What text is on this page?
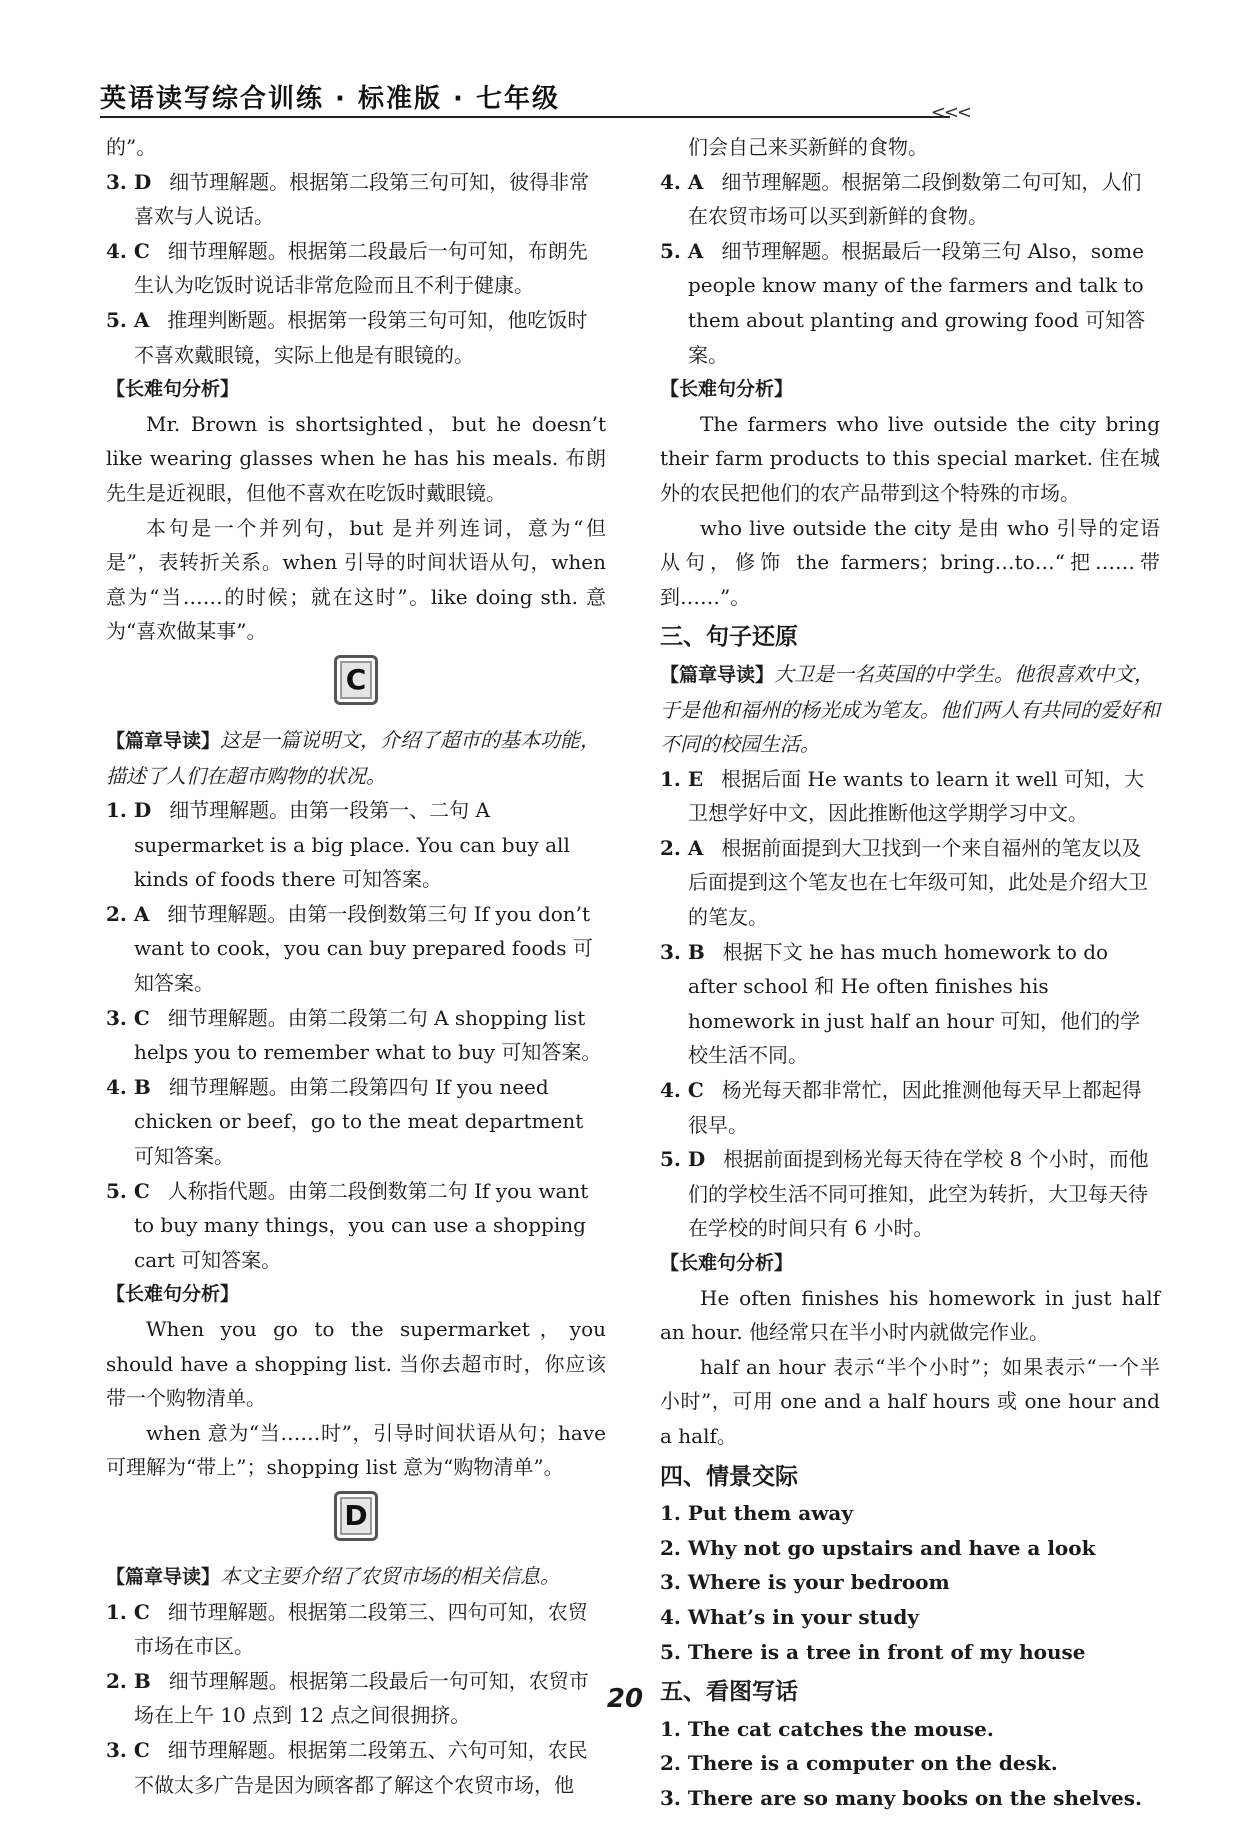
英语读写综合训练 · 标准版 · 七年级	<<<

的”。

3. D 细节理解题。根据第二段第三句可知，彼得非常喜欢与人说话。

4. C 细节理解题。根据第二段最后一句可知，布朗先生认为吃饭时说话非常危险而且不利于健康。

5. A 推理判断题。根据第一段第三句可知，他吃饭时不喜欢戴眼镜，实际上他是有眼镜的。

【长难句分析】

Mr. Brown is shortsighted，but he doesn’t like wearing glasses when he has his meals. 布朗先生是近视眼，但他不喜欢在吃饭时戴眼镜。

本句是一个并列句，but 是并列连词，意为“但是”，表转折关系。when 引导的时间状语从句，when 意为“当……的时候；就在这时”。like doing sth. 意为“喜欢做某事”。

C

【篇章导读】这是一篇说明文，介绍了超市的基本功能，描述了人们在超市购物的状况。

1. D 细节理解题。由第一段第一、二句 A supermarket is a big place. You can buy all kinds of foods there 可知答案。

2. A 细节理解题。由第一段倒数第三句 If you don’t want to cook，you can buy prepared foods 可知答案。

3. C 细节理解题。由第二段第二句 A shopping list helps you to remember what to buy 可知答案。

4. B 细节理解题。由第二段第四句 If you need chicken or beef，go to the meat department 可知答案。

5. C 人称指代题。由第二段倒数第二句 If you want to buy many things，you can use a shopping cart 可知答案。

【长难句分析】

When you go to the supermarket，you should have a shopping list. 当你去超市时，你应该带一个购物清单。

when 意为“当……时”，引导时间状语从句；have 可理解为“带上”；shopping list 意为“购物清单”。

D

【篇章导读】本文主要介绍了农贸市场的相关信息。

1. C 细节理解题。根据第二段第三、四句可知，农贸市场在市区。

2. B 细节理解题。根据第二段最后一句可知，农贸市场在上午 10 点到 12 点之间很拥挤。

3. C 细节理解题。根据第二段第五、六句可知，农民不做太多广告是因为顾客都了解这个农贸市场，他

们会自己来买新鲜的食物。

4. A 细节理解题。根据第二段倒数第二句可知，人们在农贸市场可以买到新鲜的食物。

5. A 细节理解题。根据最后一段第三句 Also，some people know many of the farmers and talk to them about planting and growing food 可知答案。

【长难句分析】

The farmers who live outside the city bring their farm products to this special market. 住在城外的农民把他们的农产品带到这个特殊的市场。

who live outside the city 是由 who 引导的定语从句，修饰 the farmers；bring…to…“把……带到……”。

三、句子还原

【篇章导读】大卫是一名英国的中学生。他很喜欢中文，于是他和福州的杨光成为笔友。他们两人有共同的爱好和不同的校园生活。

1. E 根据后面 He wants to learn it well 可知，大卫想学好中文，因此推断他这学期学习中文。

2. A 根据前面提到大卫找到一个来自福州的笔友以及后面提到这个笔友也在七年级可知，此处是介绍大卫的笔友。

3. B 根据下文 he has much homework to do after school 和 He often finishes his homework in just half an hour 可知，他们的学校生活不同。

4. C 杨光每天都非常忙，因此推测他每天早上都起得很早。

5. D 根据前面提到杨光每天待在学校 8 个小时，而他们的学校生活不同可推知，此空为转折，大卫每天待在学校的时间只有 6 小时。

【长难句分析】

He often finishes his homework in just half an hour. 他经常只在半小时内就做完作业。

half an hour 表示“半个小时”；如果表示“一个半小时”，可用 one and a half hours 或 one hour and a half。

四、情景交际

1. Put them away

2. Why not go upstairs and have a look

3. Where is your bedroom

4. What’s in your study

5. There is a tree in front of my house

五、看图写话

1. The cat catches the mouse.

2. There is a computer on the desk.

3. There are so many books on the shelves.

20
